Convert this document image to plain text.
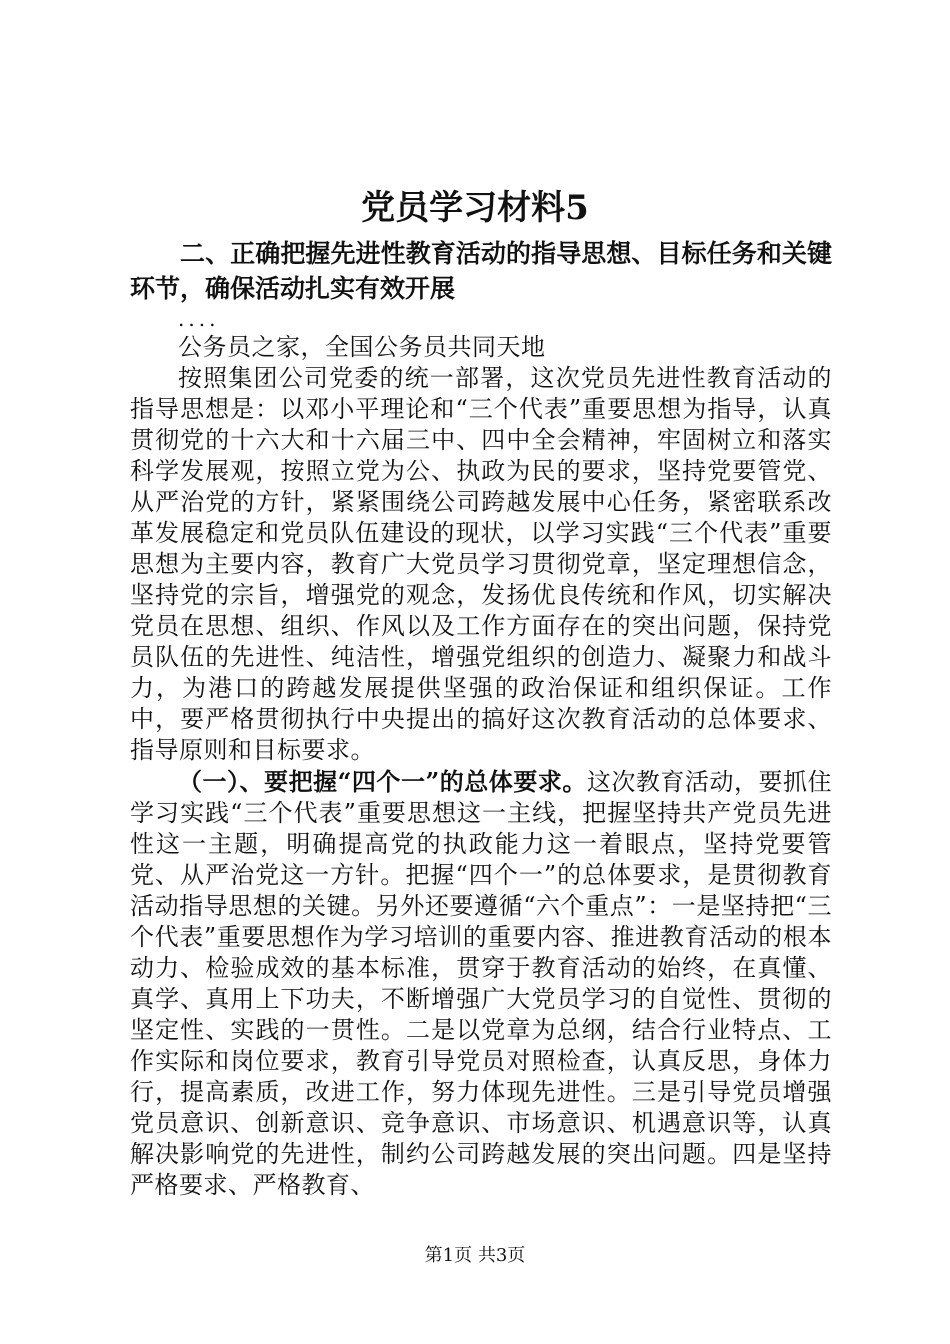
党员学习材料5

二、正确把握先进性教育活动的指导思想、目标任务和关键环节，确保活动扎实有效开展

....

公务员之家，全国公务员共同天地

按照集团公司党委的统一部署，这次党员先进性教育活动的指导思想是：以邓小平理论和“三个代表”重要思想为指导，认真贯彻党的十六大和十六届三中、四中全会精神，牢固树立和落实科学发展观，按照立党为公、执政为民的要求，坚持党要管党、从严治党的方针，紧紧围绕公司跨越发展中心任务，紧密联系改革发展稳定和党员队伍建设的现状，以学习实践“三个代表”重要思想为主要内容，教育广大党员学习贯彻党章，坚定理想信念，坚持党的宗旨，增强党的观念，发扬优良传统和作风，切实解决党员在思想、组织、作风以及工作方面存在的突出问题，保持党员队伍的先进性、纯洁性，增强党组织的创造力、凝聚力和战斗力，为港口的跨越发展提供坚强的政治保证和组织保证。工作中，要严格贯彻执行中央提出的搞好这次教育活动的总体要求、指导原则和目标要求。

（一）、要把握“四个一”的总体要求。这次教育活动，要抓住学习实践“三个代表”重要思想这一主线，把握坚持共产党员先进性这一主题，明确提高党的执政能力这一着眼点，坚持党要管党、从严治党这一方针。把握“四个一”的总体要求，是贯彻教育活动指导思想的关键。另外还要遵循“六个重点”：一是坚持把“三个代表”重要思想作为学习培训的重要内容、推进教育活动的根本动力、检验成效的基本标准，贯穿于教育活动的始终，在真懂、真学、真用上下功夫，不断增强广大党员学习的自觉性、贯彻的坚定性、实践的一贯性。二是以党章为总纲，结合行业特点、工作实际和岗位要求，教育引导党员对照检查，认真反思，身体力行，提高素质，改进工作，努力体现先进性。三是引导党员增强党员意识、创新意识、竞争意识、市场意识、机遇意识等，认真解决影响党的先进性，制约公司跨越发展的突出问题。四是坚持严格要求、严格教育、

第1页 共3页
